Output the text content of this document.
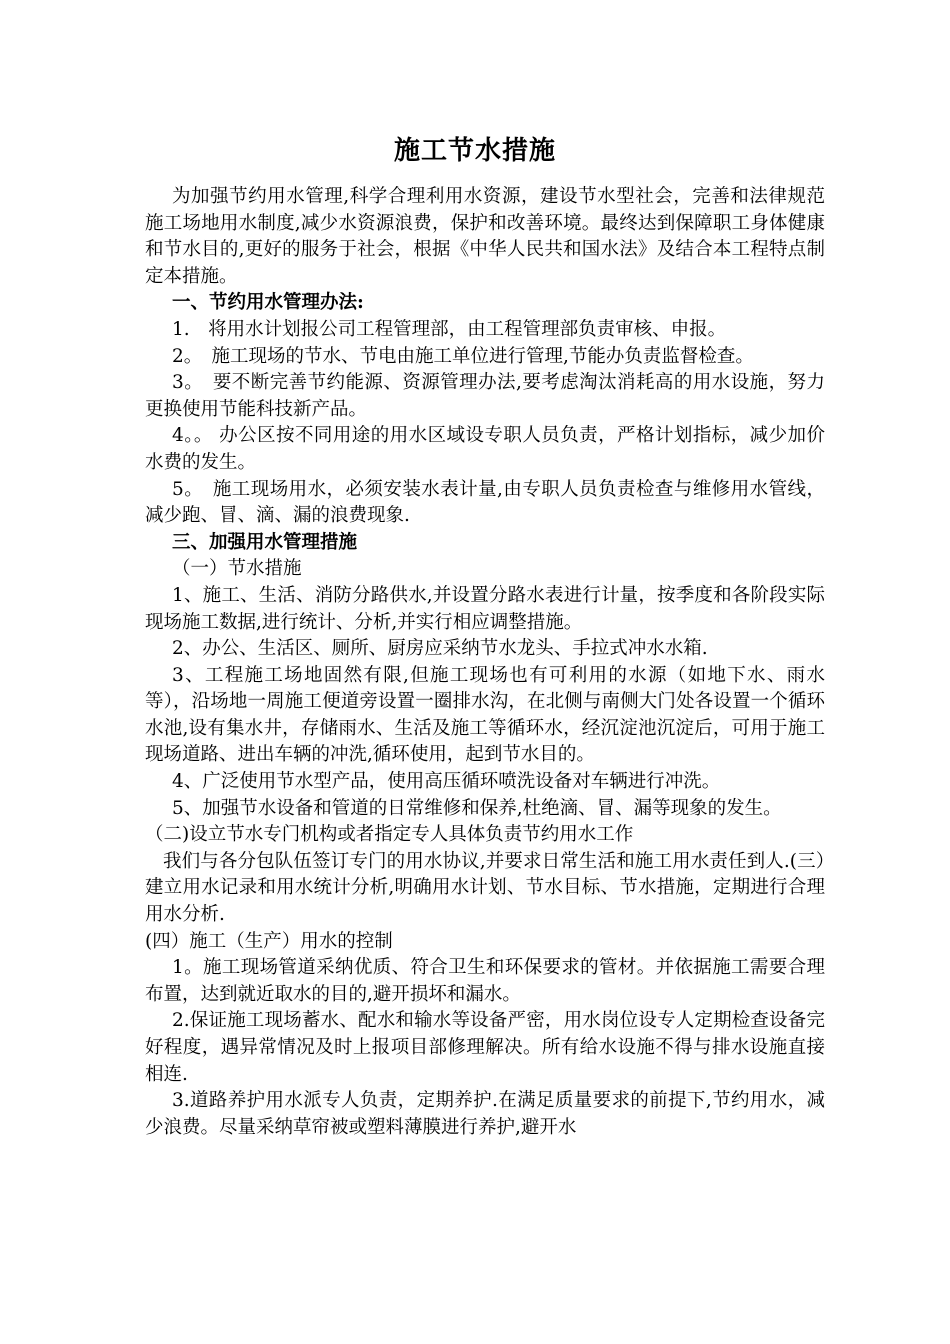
施工节水措施

为加强节约用水管理,科学合理利用水资源，建设节水型社会，完善和法律规范施工场地用水制度,减少水资源浪费，保护和改善环境。最终达到保障职工身体健康和节水目的,更好的服务于社会，根据《中华人民共和国水法》及结合本工程特点制定本措施。

一、节约用水管理办法:

1.　将用水计划报公司工程管理部，由工程管理部负责审核、申报。

2。　施工现场的节水、节电由施工单位进行管理,节能办负责监督检查。

3。　要不断完善节约能源、资源管理办法,要考虑淘汰消耗高的用水设施，努力更换使用节能科技新产品。

4。。 办公区按不同用途的用水区域设专职人员负责，严格计划指标，减少加价水费的发生。

5。　施工现场用水，必须安装水表计量,由专职人员负责检查与维修用水管线，减少跑、冒、滴、漏的浪费现象.

三、加强用水管理措施

（一）节水措施

1、施工、生活、消防分路供水,并设置分路水表进行计量，按季度和各阶段实际现场施工数据,进行统计、分析,并实行相应调整措施。

2、办公、生活区、厕所、厨房应采纳节水龙头、手拉式冲水水箱.

3、工程施工场地固然有限,但施工现场也有可利用的水源（如地下水、雨水等），沿场地一周施工便道旁设置一圈排水沟，在北侧与南侧大门处各设置一个循环水池,设有集水井，存储雨水、生活及施工等循环水，经沉淀池沉淀后，可用于施工现场道路、进出车辆的冲洗,循环使用，起到节水目的。

4、广泛使用节水型产品，使用高压循环喷洗设备对车辆进行冲洗。

5、加强节水设备和管道的日常维修和保养,杜绝滴、冒、漏等现象的发生。

（二)设立节水专门机构或者指定专人具体负责节约用水工作

我们与各分包队伍签订专门的用水协议,并要求日常生活和施工用水责任到人.(三）建立用水记录和用水统计分析,明确用水计划、节水目标、节水措施，定期进行合理用水分析.

(四）施工（生产）用水的控制

1。施工现场管道采纳优质、符合卫生和环保要求的管材。并依据施工需要合理布置，达到就近取水的目的,避开损坏和漏水。

2.保证施工现场蓄水、配水和输水等设备严密，用水岗位设专人定期检查设备完好程度，遇异常情况及时上报项目部修理解决。所有给水设施不得与排水设施直接相连.

3.道路养护用水派专人负责，定期养护.在满足质量要求的前提下,节约用水，减少浪费。尽量采纳草帘被或塑料薄膜进行养护,避开水
